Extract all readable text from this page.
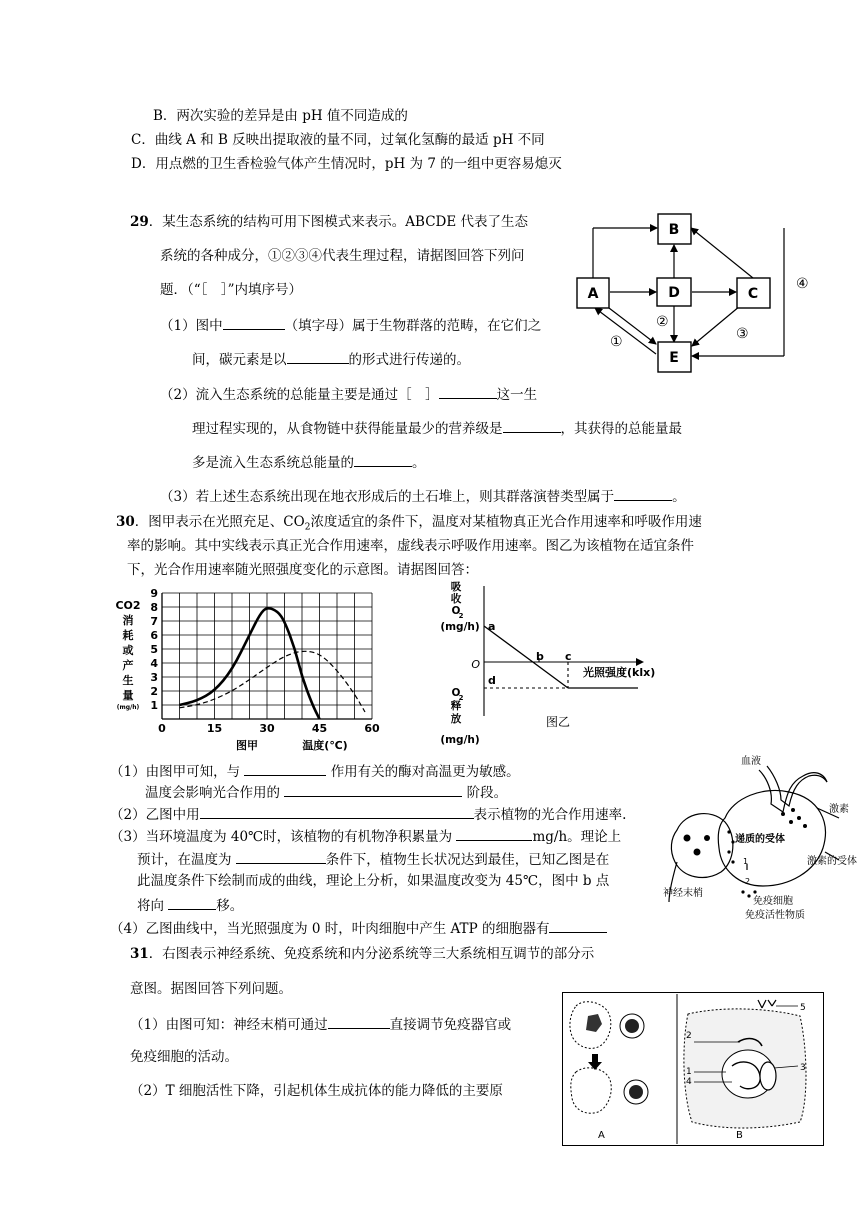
B．两次实验的差异是由 pH 值不同造成的
C．曲线 A 和 B 反映出提取液的量不同，过氧化氢酶的最适 pH 不同
D．用点燃的卫生香检验气体产生情况时，pH 为 7 的一组中更容易熄灭
29．某生态系统的结构可用下图模式来表示。ABCDE 代表了生态
系统的各种成分，①②③④代表生理过程，请据图回答下列问
题．（“［　］”内填序号）
（1）图中	（填字母）属于生物群落的范畴，在它们之
间，碳元素是以	的形式进行传递的。
（2）流入生态系统的总能量主要是通过［　］	这一生
理过程实现的，从食物链中获得能量最少的营养级是	，其获得的总能量最
多是流入生态系统总能量的	。
（3）若上述生态系统出现在地衣形成后的土石堆上，则其群落演替类型属于	。
A
B
D	C
E
①
②
③
④
30．图甲表示在光照充足、$CO_2$浓度适宜的条件下，温度对某植物真正光合作用速率和呼吸作用速
率的影响。其中实线表示真正光合作用速率，虚线表示呼吸作用速率。图乙为该植物在适宜条件
下，光合作用速率随光照强度变化的示意图。请据图回答：
CO2
消
耗
或
产
生
量
(mg/h) 1
2
3
4
5
6
7
8
9
0	15	30	45	60
温度(℃)
图甲
吸
收
O
2
(mg/h)
O
2
释
放
(mg/h)
O
a
b c
d
光照强度(klx)
图乙
（1）由图甲可知，与	作用有关的酶对高温更为敏感。
温度会影响光合作用的	阶段。
（2）乙图中用	表示植物的光合作用速率.
（3）当环境温度为 40℃时，该植物的有机物净积累量为	mg/h。理论上
预计，在温度为	条件下，植物生长状况达到最佳，已知乙图是在
此温度条件下绘制而成的曲线，理论上分析，如果温度改变为 45℃，图中 b 点
将向	移。
（4）乙图曲线中，当光照强度为 0 时，叶肉细胞中产生 ATP 的细胞器有
血液
激素
递质的受体
激素的受体
神经末梢
免疫细胞
免疫活性物质
1
2
31．右图表示神经系统、免疫系统和内分泌系统等三大系统相互调节的部分示
意图。据图回答下列问题。
（1）由图可知：神经末梢可通过	直接调节免疫器官或
免疫细胞的活动。
（2）T 细胞活性下降，引起机体生成抗体的能力降低的主要原
A
2
1
4
3
5
B
